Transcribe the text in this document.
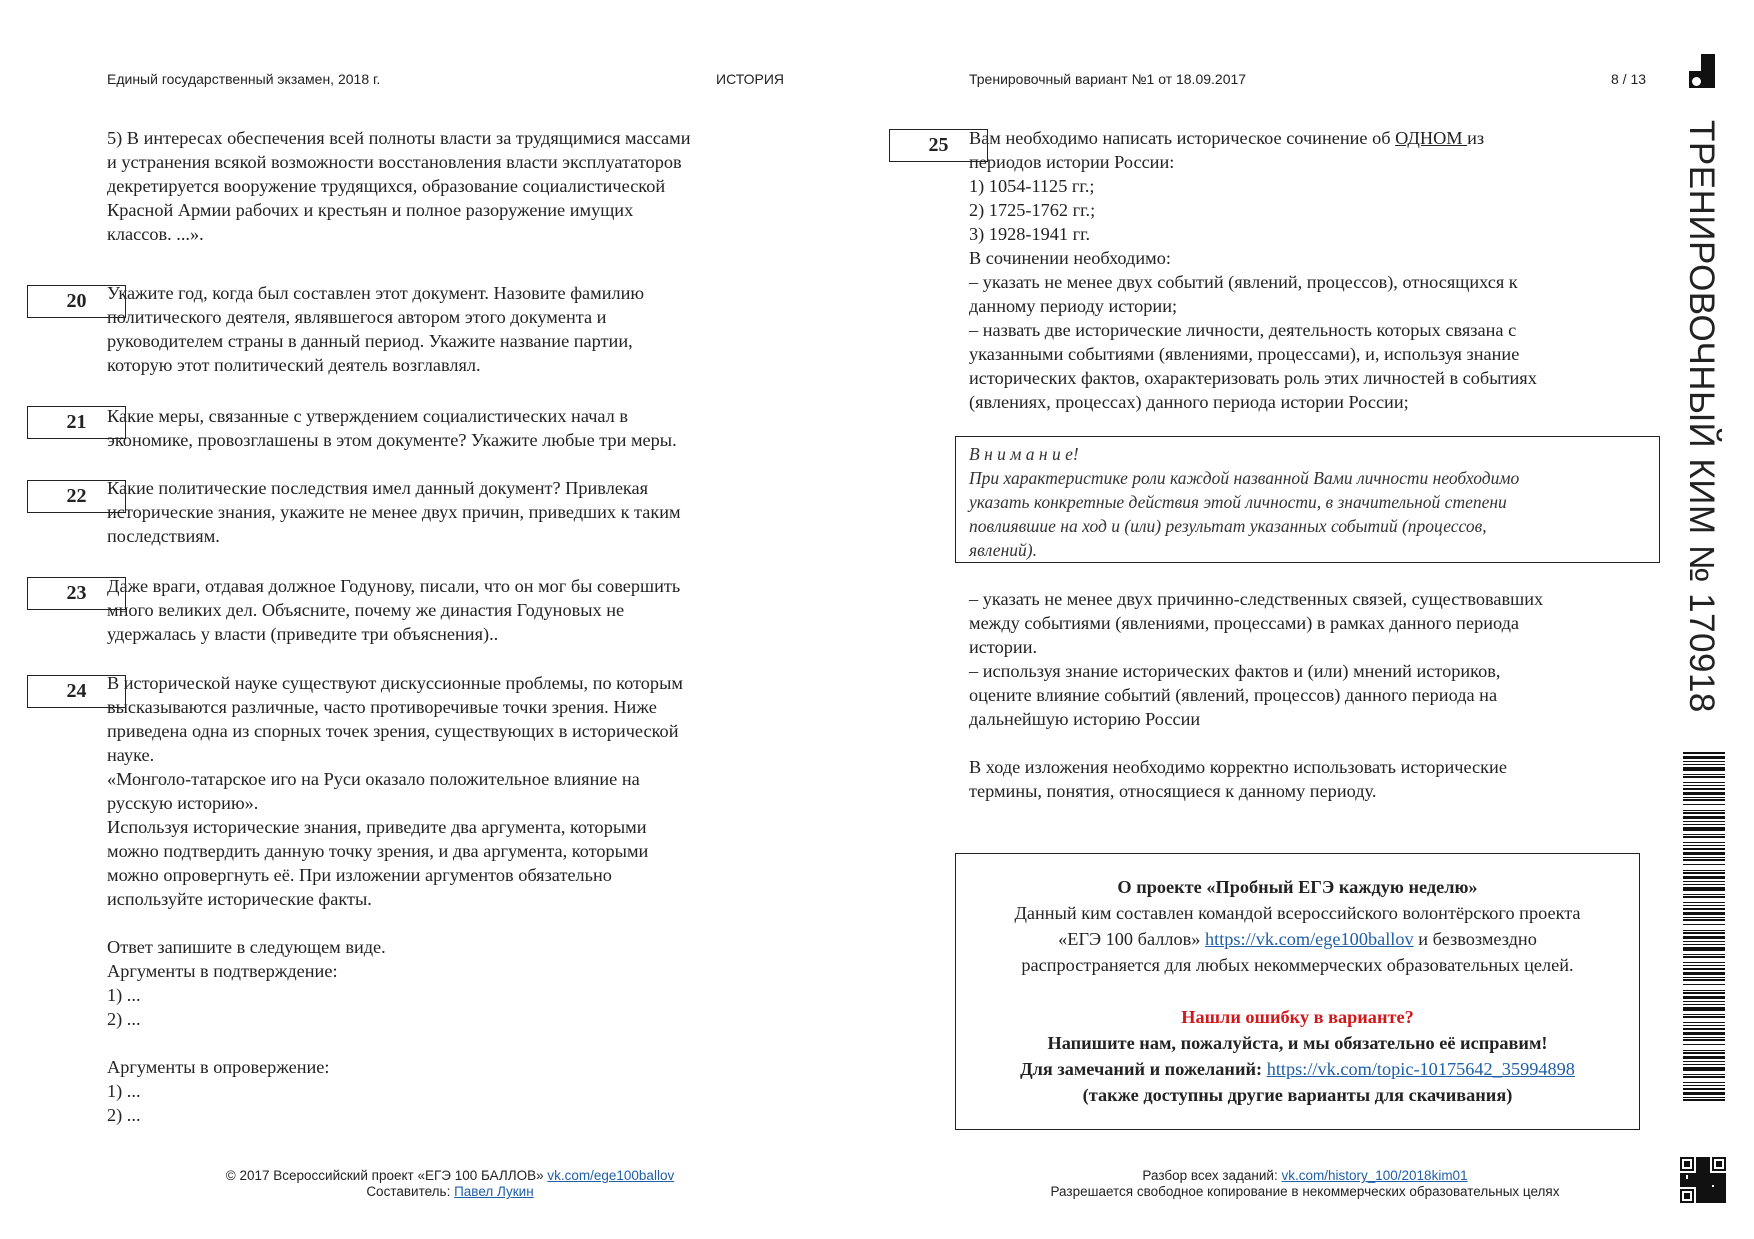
Единый государственный экзамен, 2018 г.	ИСТОРИЯ	Тренировочный вариант №1 от 18.09.2017	8 / 13
5) В интересах обеспечения всей полноты власти за трудящимися массами
и устранения всякой возможности восстановления власти эксплуататоров
декретируется вооружение трудящихся, образование социалистической
Красной Армии рабочих и крестьян и полное разоружение имущих
классов. ...».
20	Укажите год, когда был составлен этот документ. Назовите фамилию
политического деятеля, являвшегося автором этого документа и
руководителем страны в данный период. Укажите название партии,
которую этот политический деятель возглавлял.
21	Какие меры, связанные с утверждением социалистических начал в
экономике, провозглашены в этом документе? Укажите любые три меры.
22	Какие политические последствия имел данный документ? Привлекая
исторические знания, укажите не менее двух причин, приведших к таким
последствиям.
23	Даже враги, отдавая должное Годунову, писали, что он мог бы совершить
много великих дел. Объясните, почему же династия Годуновых не
удержалась у власти (приведите три объяснения)..
24	В исторической науке существуют дискуссионные проблемы, по которым
высказываются различные, часто противоречивые точки зрения. Ниже
приведена одна из спорных точек зрения, существующих в исторической
науке.
«Монголо-татарское иго на Руси оказало положительное влияние на
русскую историю».
Используя исторические знания, приведите два аргумента, которыми
можно подтвердить данную точку зрения, и два аргумента, которыми
можно опровергнуть её. При изложении аргументов обязательно
используйте исторические факты.
Ответ запишите в следующем виде.
Аргументы в подтверждение:
1) ...
2) ...
Аргументы в опровержение:
1) ...
2) ...
25	Вам необходимо написать историческое сочинение об ОДНОМ из
периодов истории России:
1) 1054-1125 гг.;
2) 1725-1762 гг.;
3) 1928-1941 гг.
В сочинении необходимо:
– указать не менее двух событий (явлений, процессов), относящихся к
данному периоду истории;
– назвать две исторические личности, деятельность которых связана с
указанными событиями (явлениями, процессами), и, используя знание
исторических фактов, охарактеризовать роль этих личностей в событиях
(явлениях, процессах) данного периода истории России;
В н и м а н и е!
При характеристике роли каждой названной Вами личности необходимо
указать конкретные действия этой личности, в значительной степени
повлиявшие на ход и (или) результат указанных событий (процессов,
явлений).
– указать не менее двух причинно-следственных связей, существовавших
между событиями (явлениями, процессами) в рамках данного периода
истории.
– используя знание исторических фактов и (или) мнений историков,
оцените влияние событий (явлений, процессов) данного периода на
дальнейшую историю России
В ходе изложения необходимо корректно использовать исторические
термины, понятия, относящиеся к данному периоду.
О проекте «Пробный ЕГЭ каждую неделю»
Данный ким составлен командой всероссийского волонтёрского проекта
«ЕГЭ 100 баллов» https://vk.com/ege100ballov и безвозмездно
распространяется для любых некоммерческих образовательных целей.
Нашли ошибку в варианте?
Напишите нам, пожалуйста, и мы обязательно её исправим!
Для замечаний и пожеланий: https://vk.com/topic-10175642_35994898
(также доступны другие варианты для скачивания)
© 2017 Всероссийский проект «ЕГЭ 100 БАЛЛОВ» vk.com/ege100ballov
Составитель: Павел Лукин
Разбор всех заданий: vk.com/history_100/2018kim01
Разрешается свободное копирование в некоммерческих образовательных целях
ТРЕНИРОВОЧНЫЙ КИМ № 170918
